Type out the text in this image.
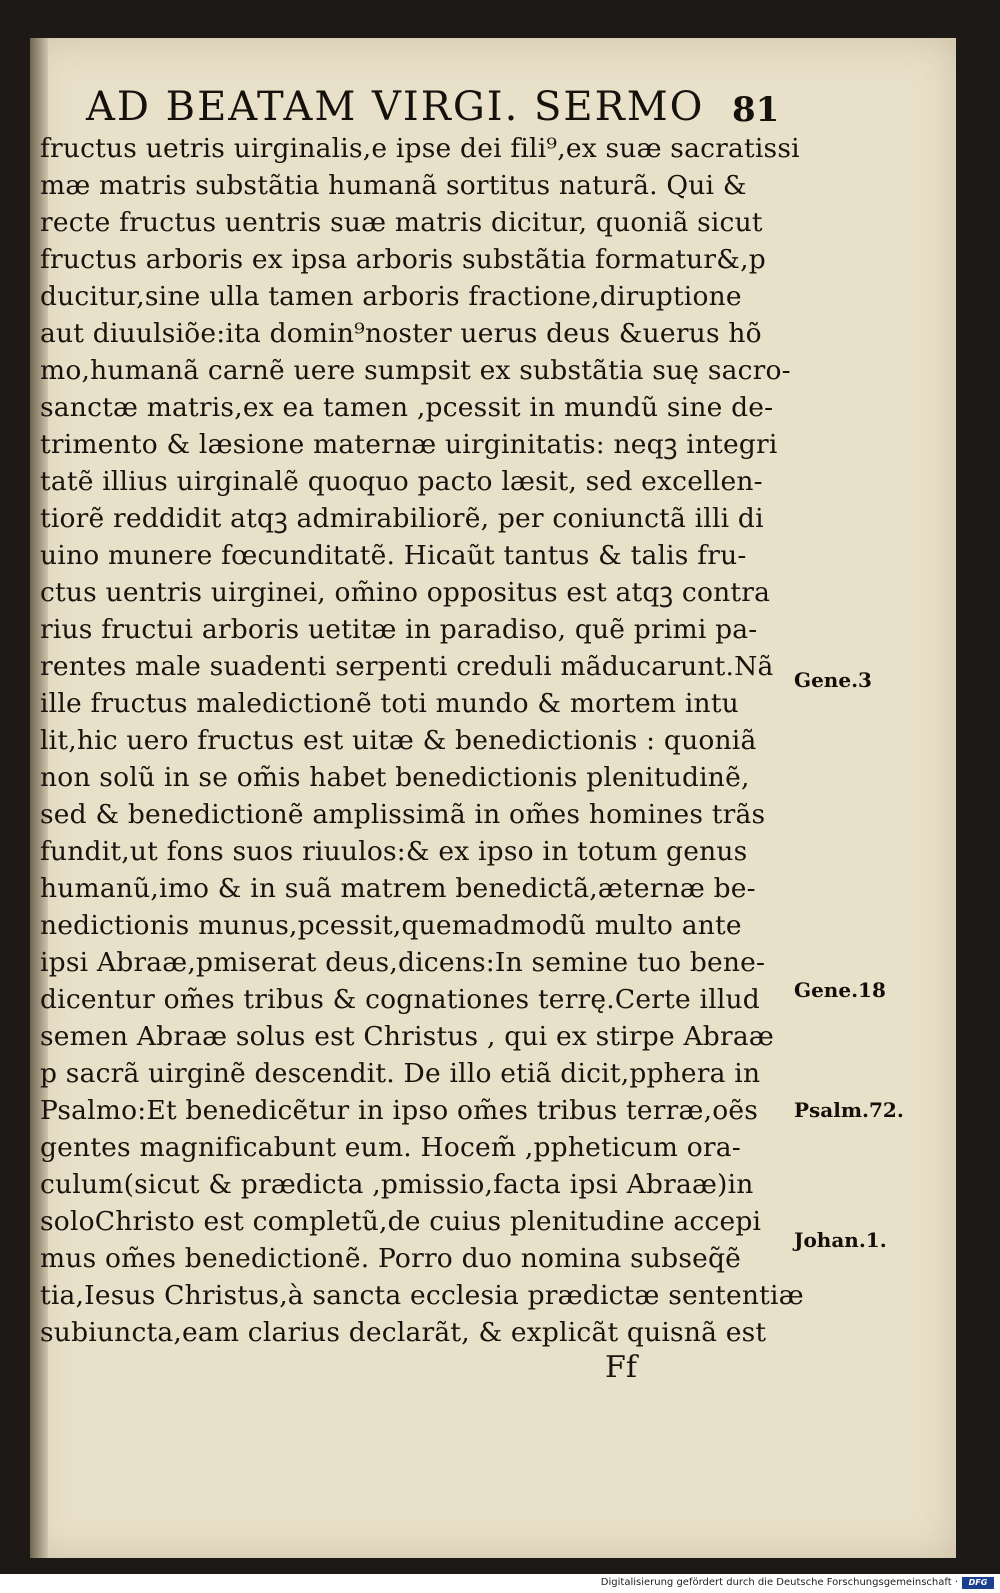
AD BEATAM VIRGI. SERMO 81
fructus uetris uirginalis,e ipse dei fili⁹,ex suæ sacratissi
mæ matris substãtia humanã sortitus naturã. Qui &
recte fructus uentris suæ matris dicitur, quoniã sicut
fructus arboris ex ipsa arboris substãtia formatur&,p
ducitur,sine ulla tamen arboris fractione,diruptione
aut diuulsiõe:ita domin⁹noster uerus deus &uerus hõ
mo,humanã carnẽ uere sumpsit ex substãtia suę sacro-
sanctæ matris,ex ea tamen ,pcessit in mundũ sine de-
trimento & læsione maternæ uirginitatis: neqꝫ integri
tatẽ illius uirginalẽ quoquo pacto læsit, sed excellen-
tiorẽ reddidit atqꝫ admirabiliorẽ, per coniunctã illi di
uino munere fœcunditatẽ. Hicaũt tantus & talis fru-
ctus uentris uirginei, om̃ino oppositus est atqꝫ contra
rius fructui arboris uetitæ in paradiso, quẽ primi pa-
rentes male suadenti serpenti creduli mãducarunt.Nã
ille fructus maledictionẽ toti mundo & mortem intu
lit,hic uero fructus est uitæ & benedictionis : quoniã
non solũ in se om̃is habet benedictionis plenitudinẽ,
sed & benedictionẽ amplissimã in om̃es homines trãs
fundit,ut fons suos riuulos:& ex ipso in totum genus
humanũ,imo & in suã matrem benedictã,æternæ be-
nedictionis munus,pcessit,quemadmodũ multo ante
ipsi Abraæ,pmiserat deus,dicens:In semine tuo bene-
dicentur om̃es tribus & cognationes terrę.Certe illud
semen Abraæ solus est Christus , qui ex stirpe Abraæ
p sacrã uirginẽ descendit. De illo etiã dicit,pphera in
Psalmo:Et benedicẽtur in ipso om̃es tribus terræ,oẽs
gentes magnificabunt eum. Hocem̃ ,ppheticum ora-
culum(sicut & prædicta ,pmissio,facta ipsi Abraæ)in
soloChristo est completũ,de cuius plenitudine accepi
mus om̃es benedictionẽ. Porro duo nomina subseq̃ẽ
tia,Iesus Christus,à sancta ecclesia prædictæ sententiæ
subiuncta,eam clarius declarãt, & explicãt quisnã est
Gene.3
Gene.18
Psalm.72.
Johan.1.
Ff
Digitalisierung gefördert durch die Deutsche Forschungsgemeinschaft ·	DFG
